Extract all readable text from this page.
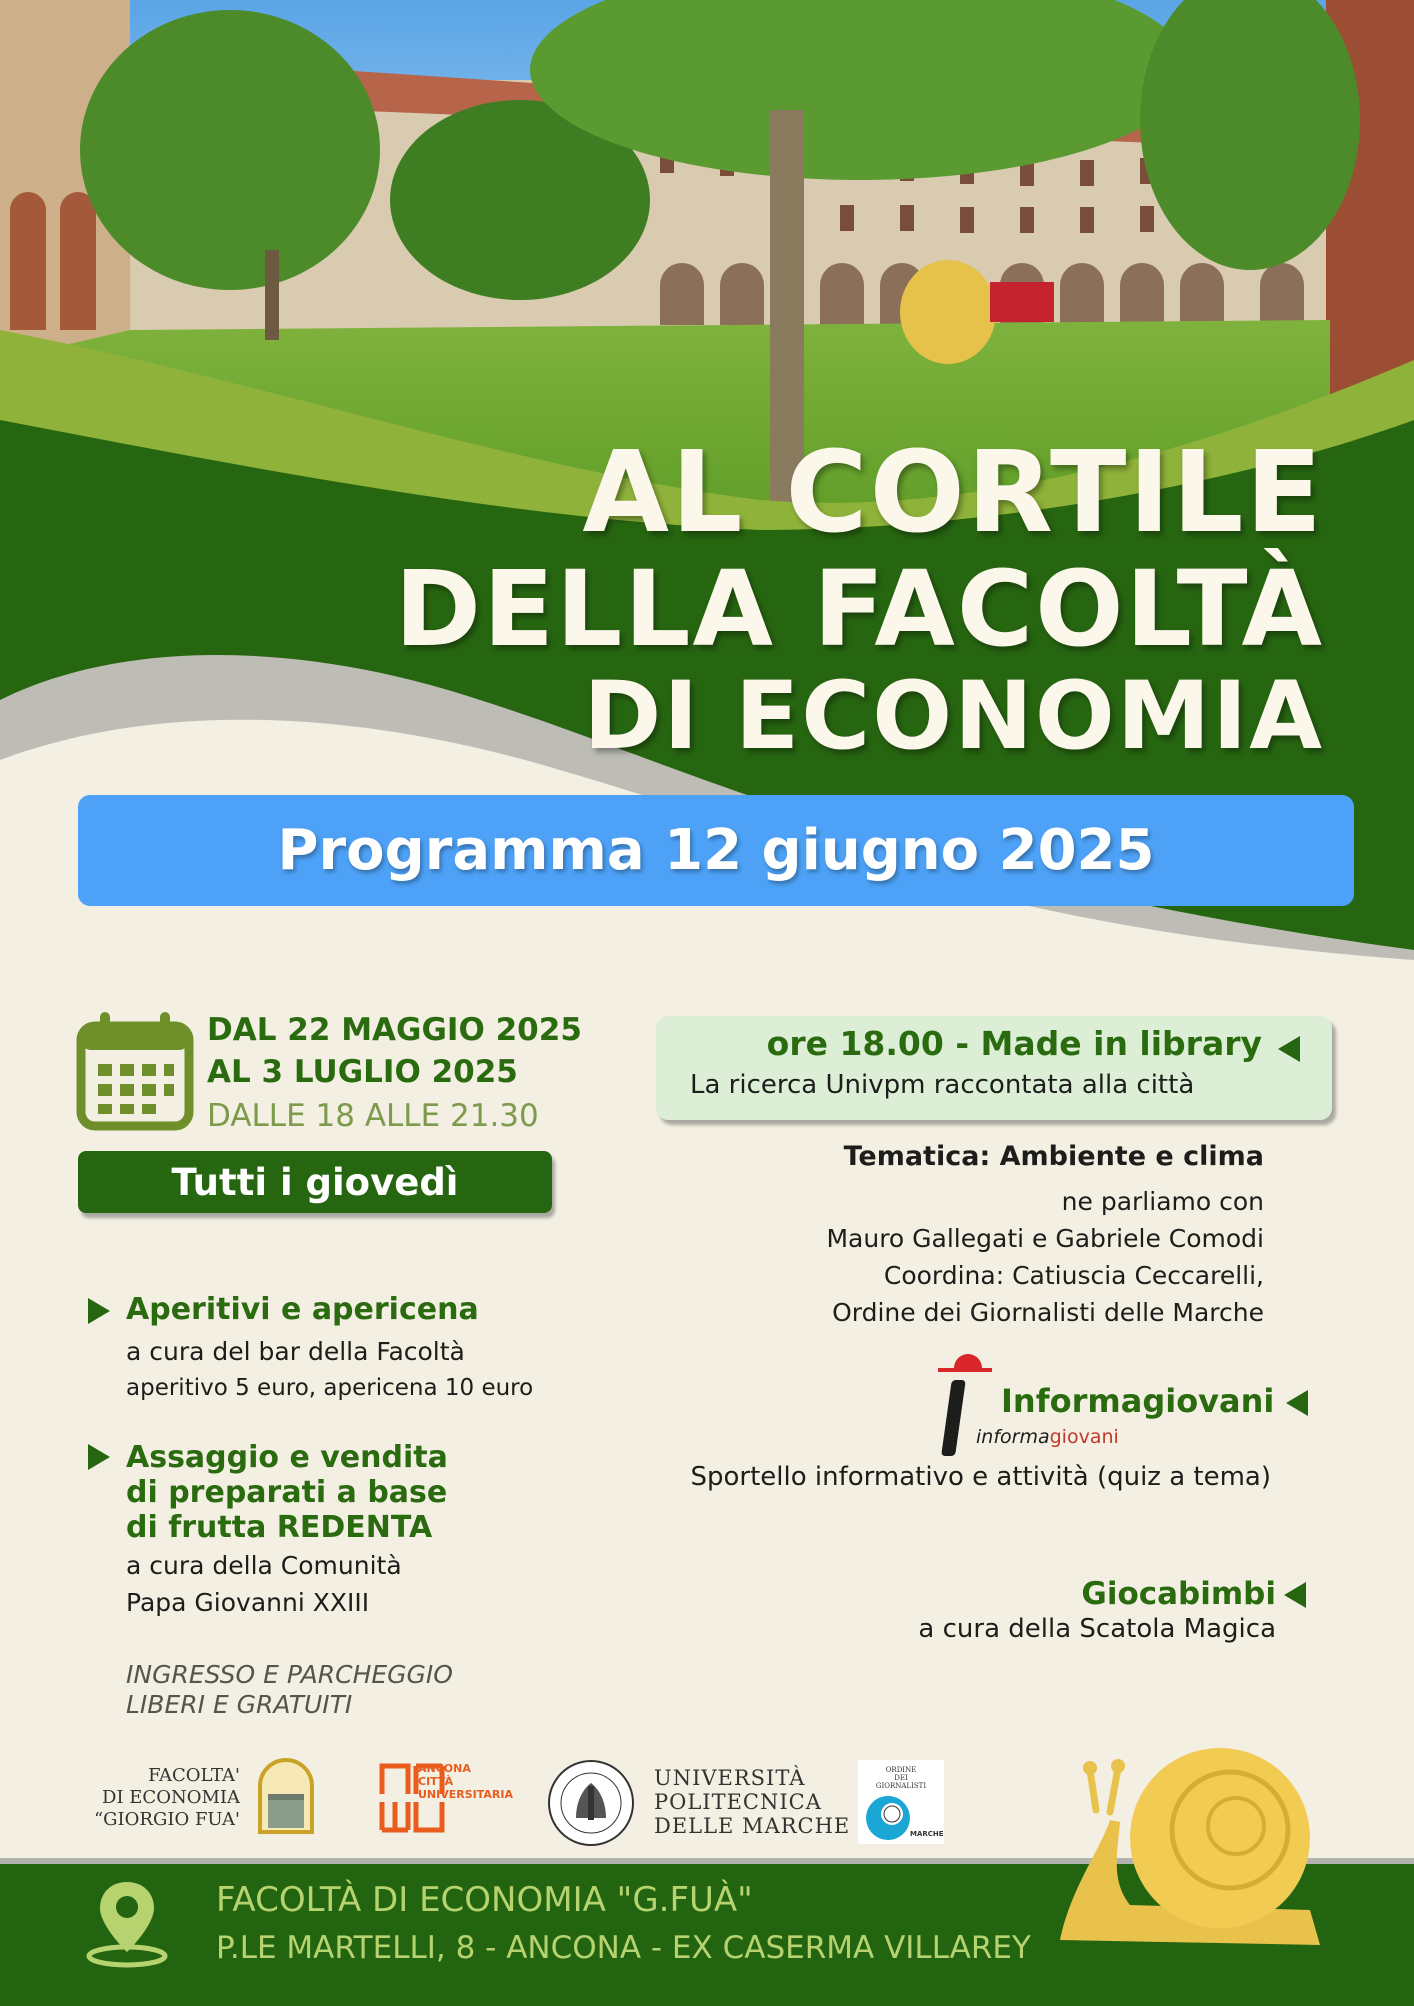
AL CORTILE
DELLA FACOLTÀ
DI ECONOMIA
Programma 12 giugno 2025
DAL 22 MAGGIO 2025
AL 3 LUGLIO 2025
DALLE 18 ALLE 21.30
Tutti i giovedì
Aperitivi e apericena
a cura del bar della Facoltà
aperitivo 5 euro, apericena 10 euro
Assaggio e vendita
di preparati a base
di frutta REDENTA
a cura della Comunità
Papa Giovanni XXIII
INGRESSO E PARCHEGGIO
LIBERI E GRATUITI
ore 18.00 - Made in library
La ricerca Univpm raccontata alla città
Tematica: Ambiente e clima
ne parliamo con
Mauro Gallegati e Gabriele Comodi
Coordina: Catiuscia Ceccarelli,
Ordine dei Giornalisti delle Marche
informagiovani
Informagiovani
Sportello informativo e attività (quiz a tema)
Giocabimbi
a cura della Scatola Magica
FACOLTA'
DI ECONOMIA
“GIORGIO FUA'
ANCONA
CITTÀ
UNIVERSITARIA
UNIVERSITÀ
POLITECNICA
DELLE MARCHE
ORDINE
DEI
GIORNALISTI
MARCHE
FACOLTÀ DI ECONOMIA "G.FUÀ"
P.LE MARTELLI, 8 - ANCONA - EX CASERMA VILLAREY
